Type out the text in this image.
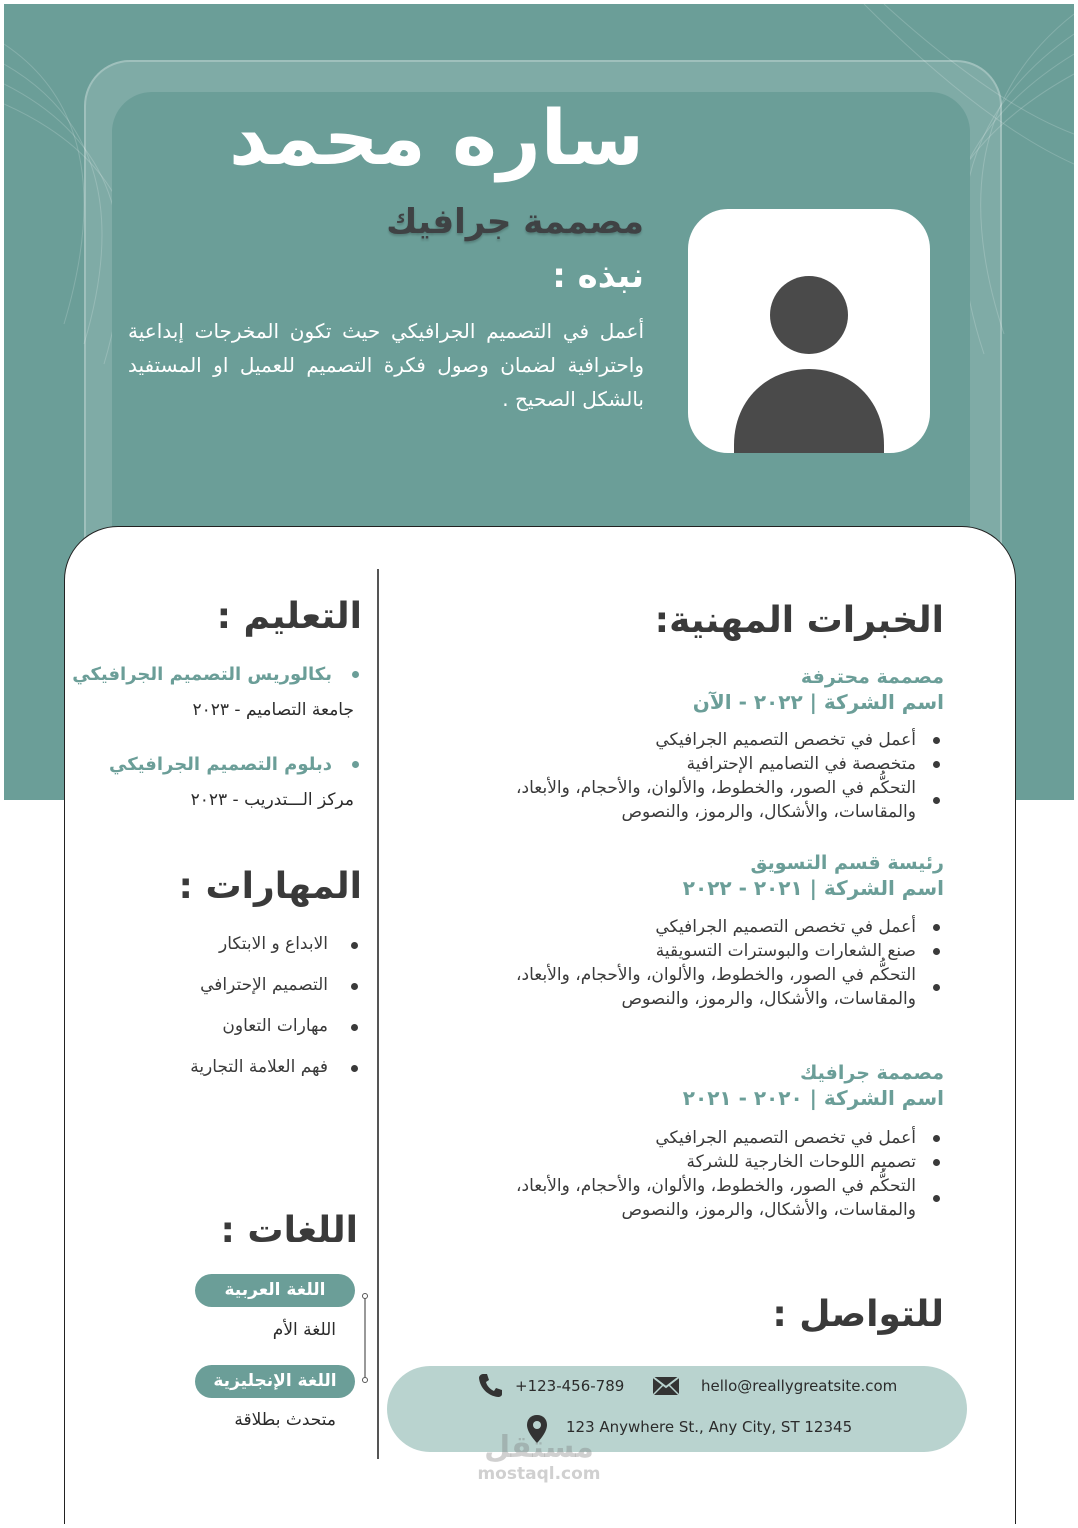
ساره محمد
مصممة جرافيك
نبذه :

أعمل في التصميم الجرافيكي حيث تكون المخرجات إبداعية واحترافية لضمان وصول فكرة التصميم للعميل او المستفيد بالشكل الصحيح .

الخبرات المهنية:
مصممة محترفة
اسم الشركة | ٢٠٢٢ - الآن
أعمل في تخصص التصميم الجرافيكي
متخصصة في التصاميم الإحترافية
التحكُّم في الصور، والخطوط، والألوان، والأحجام، والأبعاد، والمقاسات، والأشكال، والرموز، والنصوص
رئيسة قسم التسويق
اسم الشركة | ٢٠٢١ - ٢٠٢٢
أعمل في تخصص التصميم الجرافيكي
صنع الشعارات والبوسترات التسويقية
التحكُّم في الصور، والخطوط، والألوان، والأحجام، والأبعاد، والمقاسات، والأشكال، والرموز، والنصوص
مصممة جرافيك
اسم الشركة | ٢٠٢٠ - ٢٠٢١
أعمل في تخصص التصميم الجرافيكي
تصميم اللوحات الخارجية للشركة
التحكُّم في الصور، والخطوط، والألوان، والأحجام، والأبعاد، والمقاسات، والأشكال، والرموز، والنصوص
للتواصل :
+123-456-789	hello@reallygreatsite.com
123 Anywhere St., Any City, ST 12345
مستقل
mostaql.com
التعليم :
بكالوريس التصميم الجرافيكي
جامعة التصاميم - ٢٠٢٣
دبلوم التصميم الجرافيكي
مركز الـــتدريب - ٢٠٢٣
المهارات :
الابداع و الابتكار
التصميم الإحترافي
مهارات التعاون
فهم العلامة التجارية
اللغات :
اللغة العربية
اللغة الأم
اللغة الإنجليزية
متحدث بطلاقة
